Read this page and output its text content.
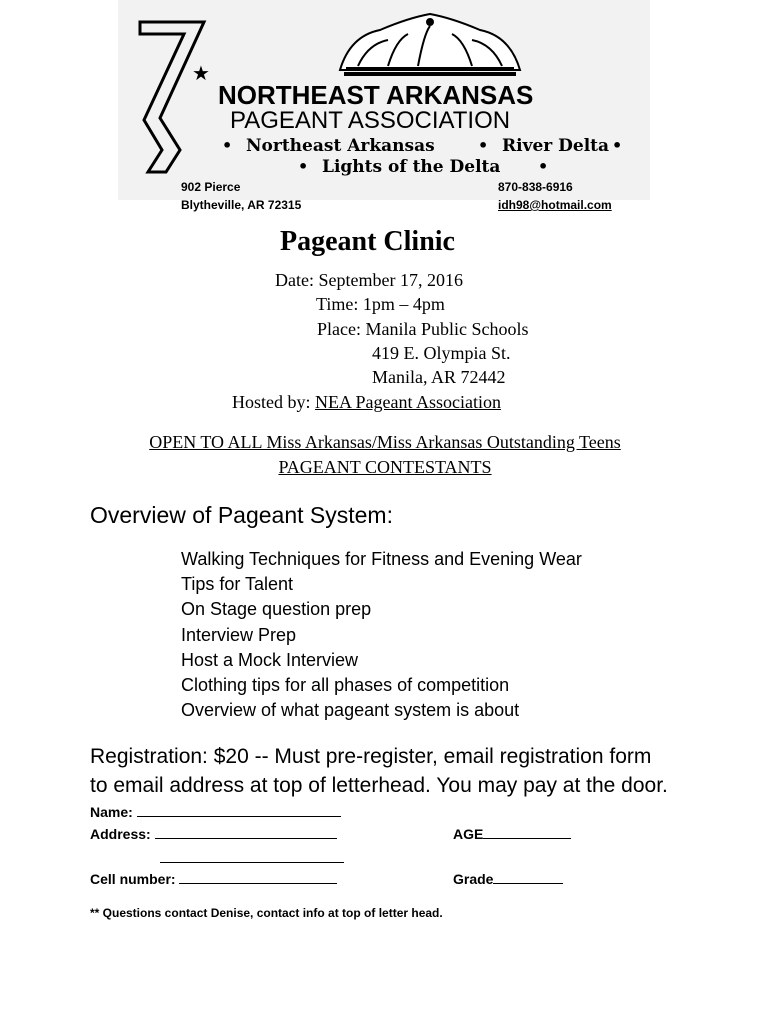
★
NORTHEAST ARKANSAS
PAGEANT ASSOCIATION
Northeast Arkansas	River Delta
•	•	•
Lights of the Delta
•	•
902 Pierce
Blytheville, AR 72315
870-838-6916
idh98@hotmail.com
Pageant Clinic
Date: September 17, 2016
Time: 1pm – 4pm
Place: Manila Public Schools
419 E. Olympia St.
Manila, AR 72442
Hosted by: NEA Pageant Association
OPEN TO ALL Miss Arkansas/Miss Arkansas Outstanding Teens
PAGEANT CONTESTANTS
Overview of Pageant System:
Walking Techniques for Fitness and Evening Wear
Tips for Talent
On Stage question prep
Interview Prep
Host a Mock Interview
Clothing tips for all phases of competition
Overview of what pageant system is about
Registration: $20 -- Must pre-register, email registration form
to email address at top of letterhead. You may pay at the door.
Name:
Address:	AGE
Cell number:	Grade
** Questions contact Denise, contact info at top of letter head.
